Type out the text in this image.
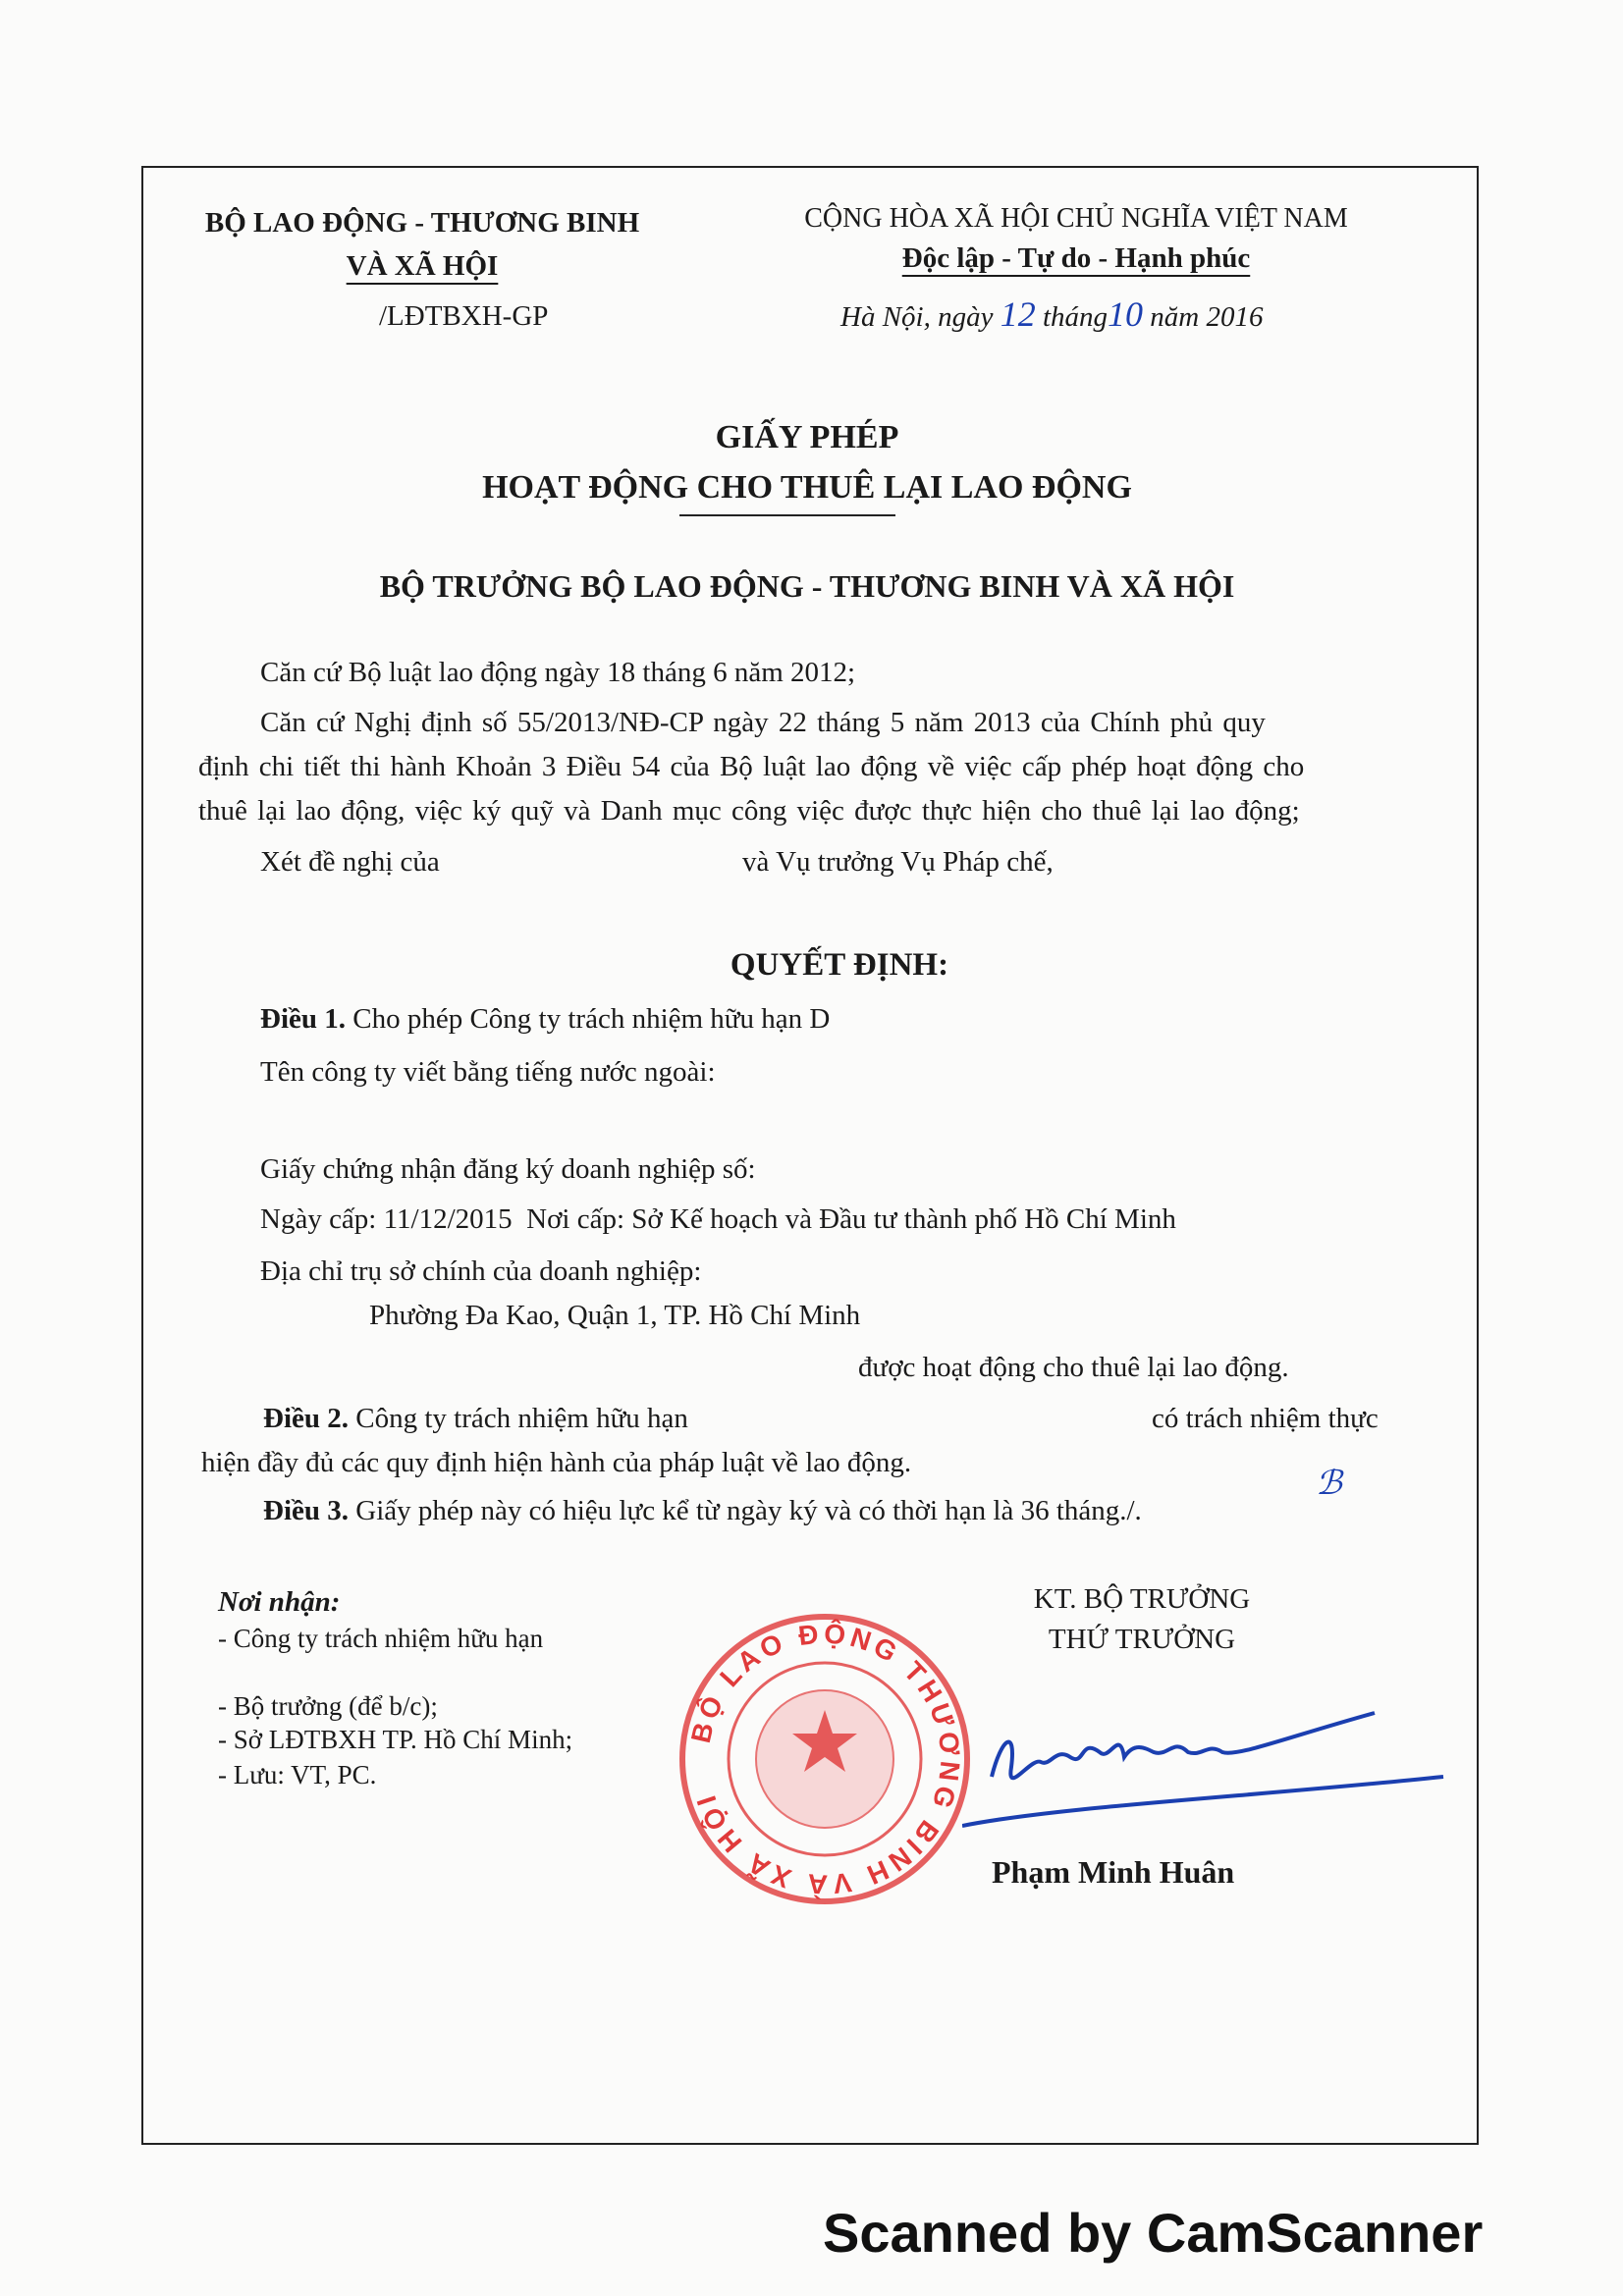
BỘ LAO ĐỘNG - THƯƠNG BINH
VÀ XÃ HỘI
/LĐTBXH-GP
CỘNG HÒA XÃ HỘI CHỦ NGHĨA VIỆT NAM
Độc lập - Tự do - Hạnh phúc
Hà Nội, ngày 12 tháng10 năm 2016
GIẤY PHÉP
HOẠT ĐỘNG CHO THUÊ LẠI LAO ĐỘNG
BỘ TRƯỞNG BỘ LAO ĐỘNG - THƯƠNG BINH VÀ XÃ HỘI
Căn cứ Bộ luật lao động ngày 18 tháng 6 năm 2012;
Căn cứ Nghị định số 55/2013/NĐ-CP ngày 22 tháng 5 năm 2013 của Chính phủ quy
định chi tiết thi hành Khoản 3 Điều 54 của Bộ luật lao động về việc cấp phép hoạt động cho
thuê lại lao động, việc ký quỹ và Danh mục công việc được thực hiện cho thuê lại lao động;
Xét đề nghị của	và Vụ trưởng Vụ Pháp chế,
QUYẾT ĐỊNH:
Điều 1. Cho phép Công ty trách nhiệm hữu hạn D
Tên công ty viết bằng tiếng nước ngoài:
Giấy chứng nhận đăng ký doanh nghiệp số:
Ngày cấp: 11/12/2015 Nơi cấp: Sở Kế hoạch và Đầu tư thành phố Hồ Chí Minh
Địa chỉ trụ sở chính của doanh nghiệp:
Phường Đa Kao, Quận 1, TP. Hồ Chí Minh
được hoạt động cho thuê lại lao động.
Điều 2. Công ty trách nhiệm hữu hạn	có trách nhiệm thực
hiện đầy đủ các quy định hiện hành của pháp luật về lao động.
Điều 3. Giấy phép này có hiệu lực kể từ ngày ký và có thời hạn là 36 tháng./.
ℬ
Nơi nhận:
- Công ty trách nhiệm hữu hạn
- Bộ trưởng (để b/c);
- Sở LĐTBXH TP. Hồ Chí Minh;
- Lưu: VT, PC.
BỘ LAO ĐỘNG THƯƠNG BINH VÀ XÃ HỘI
KT. BỘ TRƯỞNG
THỨ TRƯỞNG
Phạm Minh Huân
Scanned by CamScanner
